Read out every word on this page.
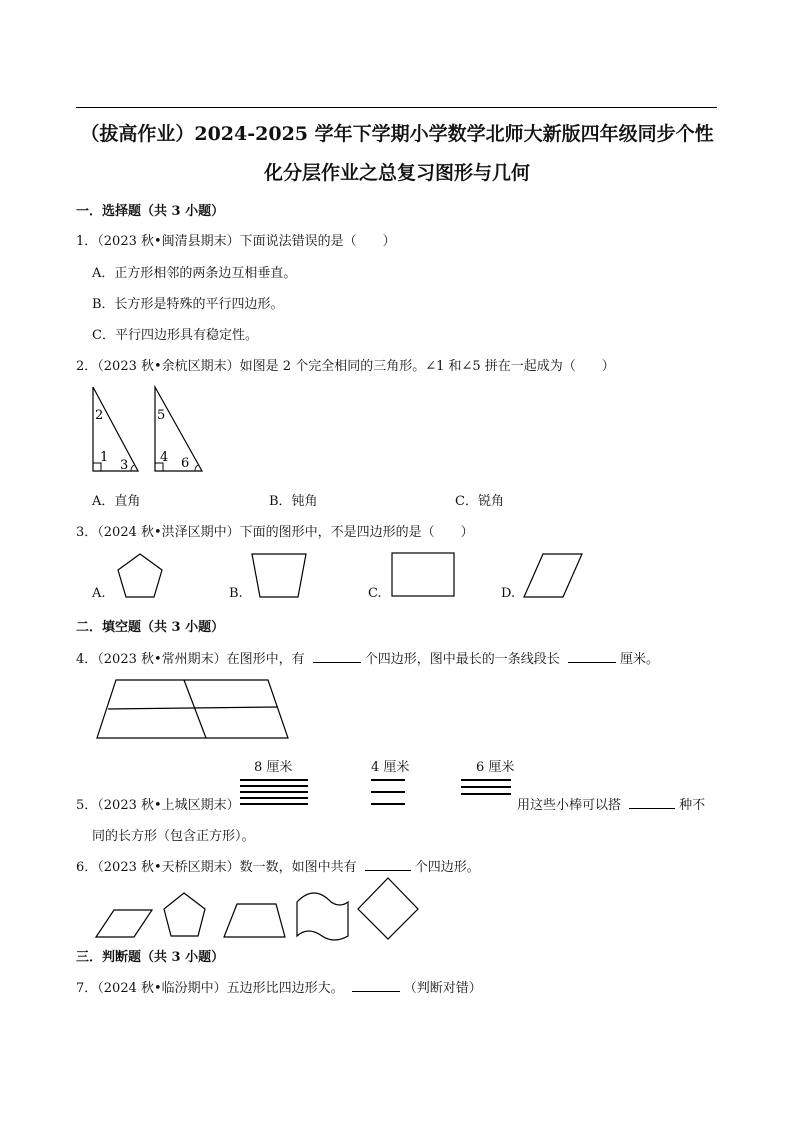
（拔高作业）2024-2025 学年下学期小学数学北师大新版四年级同步个性
化分层作业之总复习图形与几何
一．选择题（共 3 小题）
1．（2023 秋•闽清县期末）下面说法错误的是（　　）
A．正方形相邻的两条边互相垂直。
B．长方形是特殊的平行四边形。
C．平行四边形具有稳定性。
2．（2023 秋•余杭区期末）如图是 2 个完全相同的三角形。∠1 和∠5 拼在一起成为（　　）
2
1
3
5
4 6
A．直角	B．钝角	C．锐角
3．（2024 秋•洪泽区期中）下面的图形中，不是四边形的是（　　）
A.	B.	C.	D.
二．填空题（共 3 小题）
4．（2023 秋•常州期末）在图形中，有	个四边形，图中最长的一条线段长	厘米。
8 厘米	4 厘米	6 厘米
5．（2023 秋•上城区期末）	用这些小棒可以搭	种不
同的长方形（包含正方形）。
6．（2023 秋•天桥区期末）数一数，如图中共有	个四边形。
三．判断题（共 3 小题）
7．（2024 秋•临汾期中）五边形比四边形大。	（判断对错）
